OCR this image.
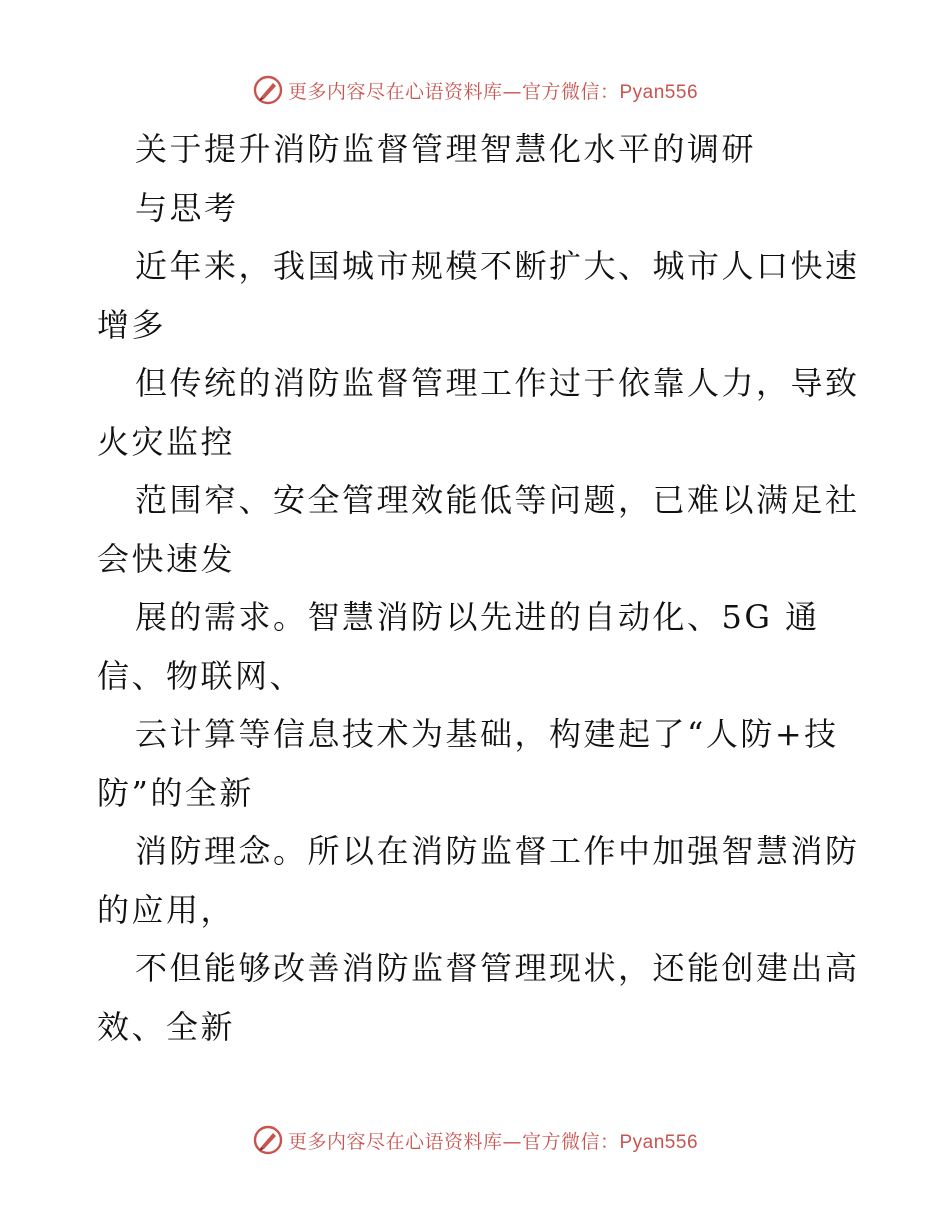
更多内容尽在心语资料库—官方微信：Pyan556
关于提升消防监督管理智慧化水平的调研
与思考
近年来，我国城市规模不断扩大、城市人口快速
增多
但传统的消防监督管理工作过于依靠人力，导致
火灾监控
范围窄、安全管理效能低等问题，已难以满足社
会快速发
展的需求。智慧消防以先进的自动化、5G 通
信、物联网、
云计算等信息技术为基础，构建起了“人防+技
防”的全新
消防理念。所以在消防监督工作中加强智慧消防
的应用，
不但能够改善消防监督管理现状，还能创建出高
效、全新
更多内容尽在心语资料库—官方微信：Pyan556
